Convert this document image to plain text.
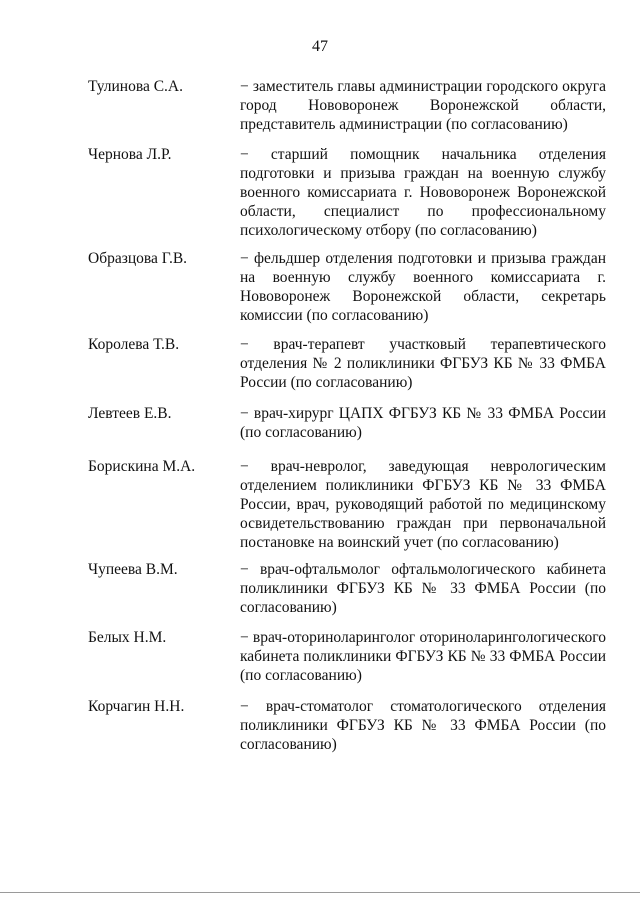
47
Тулинова С.А.	− заместитель главы администрации городского округа город Нововоронеж Воронежской области, представитель администрации (по согласованию)
Чернова Л.Р.	− старший помощник начальника отделения подготовки и призыва граждан на военную службу военного комиссариата г. Нововоронеж Воронежской области, специалист по профессиональному психологическому отбору (по согласованию)
Образцова Г.В.	− фельдшер отделения подготовки и призыва граждан на военную службу военного комиссариата г. Нововоронеж Воронежской области, секретарь комиссии (по согласованию)
Королева Т.В.	− врач-терапевт участковый терапевтического отделения № 2 поликлиники ФГБУЗ КБ № 33 ФМБА России (по согласованию)
Левтеев Е.В.	− врач-хирург ЦАПХ ФГБУЗ КБ № 33 ФМБА России (по согласованию)
Борискина М.А.	− врач-невролог, заведующая неврологическим отделением поликлиники ФГБУЗ КБ № 33 ФМБА России, врач, руководящий работой по медицинскому освидетельствованию граждан при первоначальной постановке на воинский учет (по согласованию)
Чупеева В.М.	− врач-офтальмолог офтальмологического кабинета поликлиники ФГБУЗ КБ № 33 ФМБА России (по согласованию)
Белых Н.М.	− врач-оториноларинголог оториноларингологического кабинета поликлиники ФГБУЗ КБ № 33 ФМБА России (по согласованию)
Корчагин Н.Н.	− врач-стоматолог стоматологического отделения поликлиники ФГБУЗ КБ № 33 ФМБА России (по согласованию)
